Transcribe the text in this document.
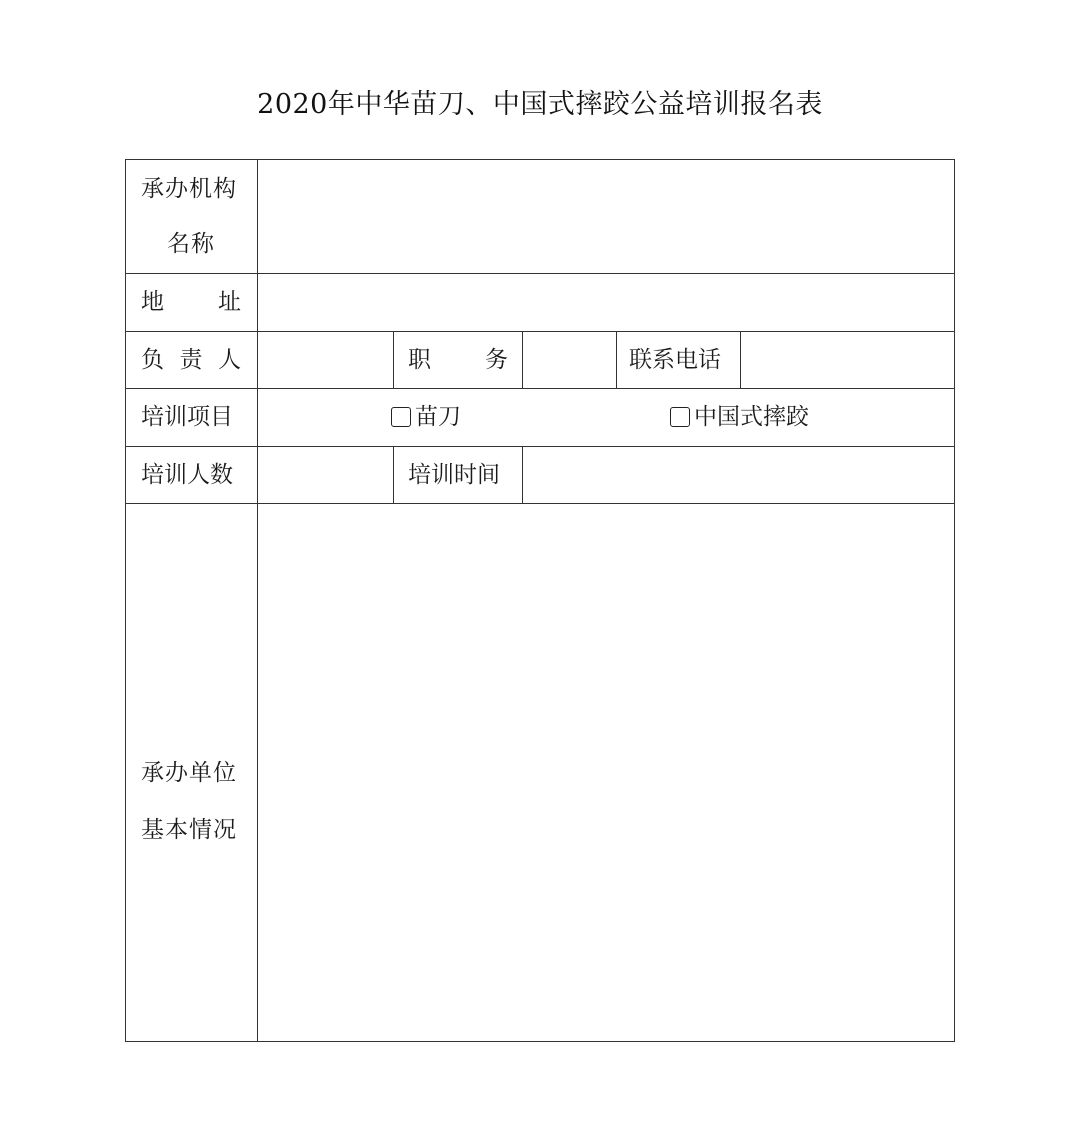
2020年中华苗刀、中国式摔跤公益培训报名表
承办机构
名称
地 址
负 责 人	职 务	联系电话
培训项目	苗刀	中国式摔跤
培训人数	培训时间
承办单位
基本情况
